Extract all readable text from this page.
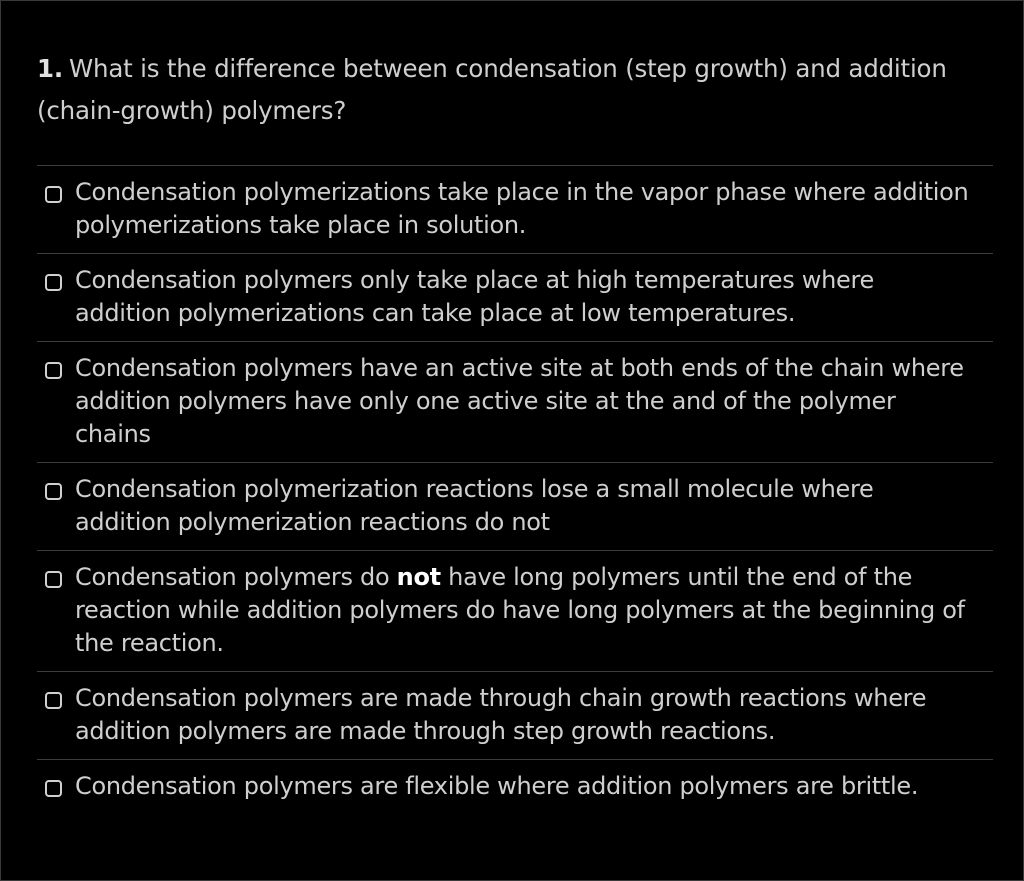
1. What is the difference between condensation (step growth) and addition (chain-growth) polymers?
Condensation polymerizations take place in the vapor phase where addition polymerizations take place in solution.
Condensation polymers only take place at high temperatures where addition polymerizations can take place at low temperatures.
Condensation polymers have an active site at both ends of the chain where addition polymers have only one active site at the and of the polymer chains
Condensation polymerization reactions lose a small molecule where addition polymerization reactions do not
Condensation polymers do not have long polymers until the end of the reaction while addition polymers do have long polymers at the beginning of the reaction.
Condensation polymers are made through chain growth reactions where addition polymers are made through step growth reactions.
Condensation polymers are flexible where addition polymers are brittle.
